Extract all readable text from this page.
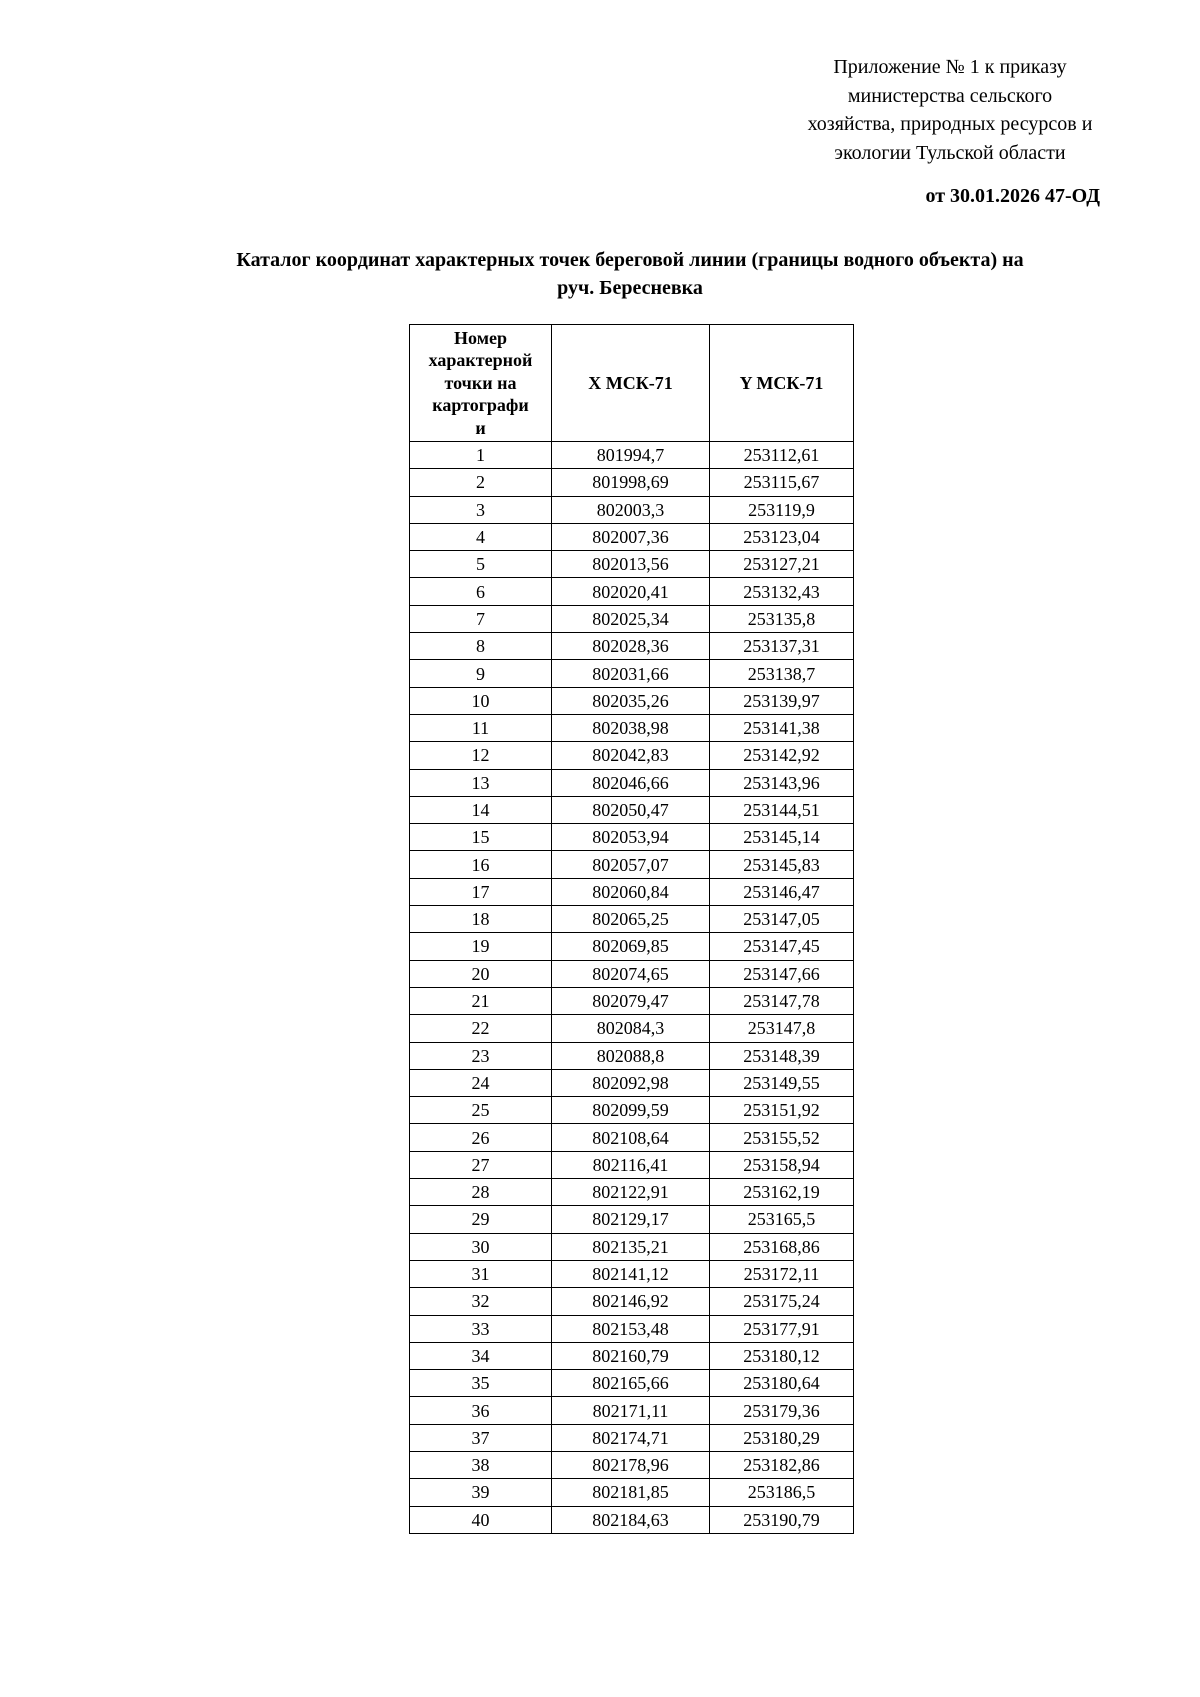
Приложение № 1 к приказу
министерства сельского
хозяйства, природных ресурсов и
экологии Тульской области
от 30.01.2026 47-ОД
Каталог координат характерных точек береговой линии (границы водного объекта) на
руч. Бересневка
Номер
характерной
точки на
картографи
и	X МСК-71	Y МСК-71
1	801994,7	253112,61
2	801998,69	253115,67
3	802003,3	253119,9
4	802007,36	253123,04
5	802013,56	253127,21
6	802020,41	253132,43
7	802025,34	253135,8
8	802028,36	253137,31
9	802031,66	253138,7
10	802035,26	253139,97
11	802038,98	253141,38
12	802042,83	253142,92
13	802046,66	253143,96
14	802050,47	253144,51
15	802053,94	253145,14
16	802057,07	253145,83
17	802060,84	253146,47
18	802065,25	253147,05
19	802069,85	253147,45
20	802074,65	253147,66
21	802079,47	253147,78
22	802084,3	253147,8
23	802088,8	253148,39
24	802092,98	253149,55
25	802099,59	253151,92
26	802108,64	253155,52
27	802116,41	253158,94
28	802122,91	253162,19
29	802129,17	253165,5
30	802135,21	253168,86
31	802141,12	253172,11
32	802146,92	253175,24
33	802153,48	253177,91
34	802160,79	253180,12
35	802165,66	253180,64
36	802171,11	253179,36
37	802174,71	253180,29
38	802178,96	253182,86
39	802181,85	253186,5
40	802184,63	253190,79
